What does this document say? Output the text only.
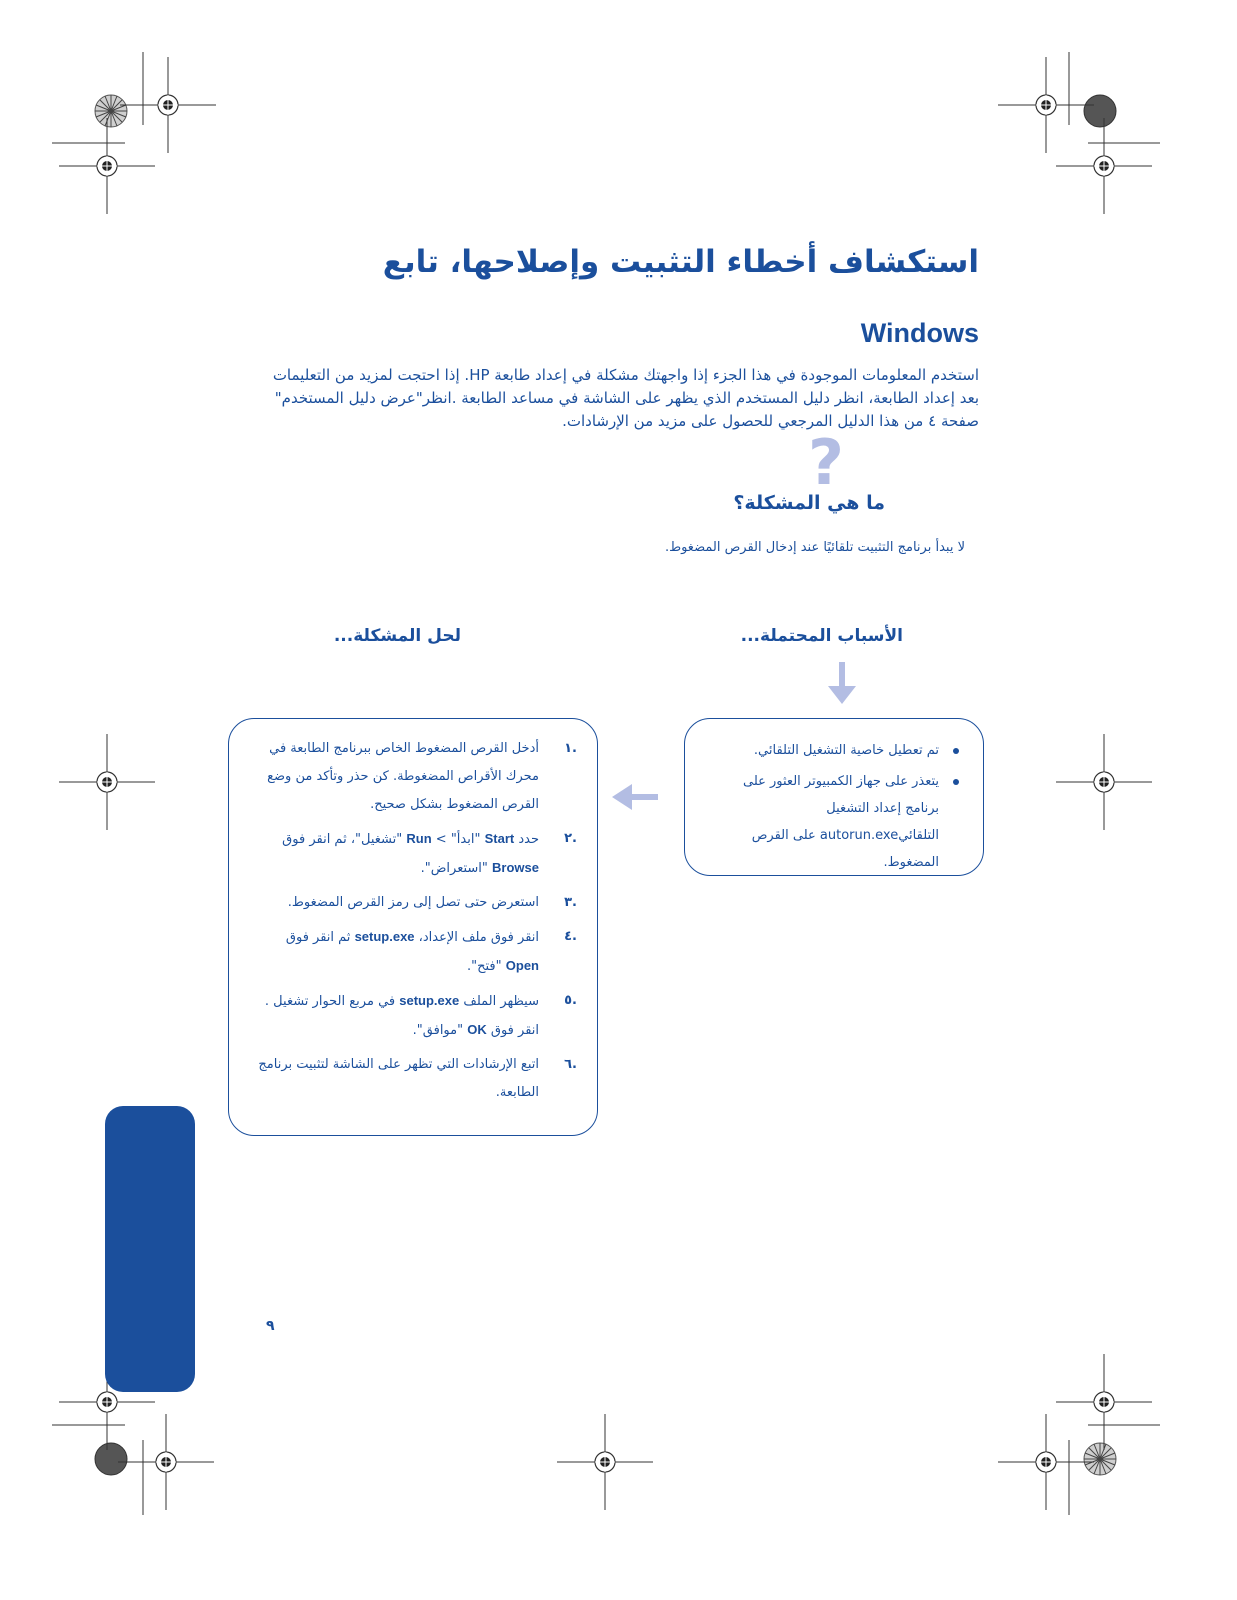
استكشاف أخطاء التثبيت وإصلاحها، تابع
Windows
استخدم المعلومات الموجودة في هذا الجزء إذا واجهتك مشكلة في إعداد طابعة HP. إذا احتجت لمزيد من التعليمات بعد إعداد الطابعة، انظر دليل المستخدم الذي يظهر على الشاشة في مساعد الطابعة .انظر"عرض دليل المستخدم" صفحة ٤ من هذا الدليل المرجعي للحصول على مزيد من الإرشادات.
?
ما هي المشكلة؟
لا يبدأ برنامج التثبيت تلقائيًا عند إدخال القرص المضغوط.
الأسباب المحتملة...
لحل المشكلة...
تم تعطيل خاصية التشغيل التلقائي.
يتعذر على جهاز الكمبيوتر العثور على برنامج إعداد التشغيل التلقائيautorun.exe على القرص المضغوط.
.١
أدخل القرص المضغوط الخاص ببرنامج الطابعة في محرك الأقراص المضغوطة. كن حذر وتأكد من وضع القرص المضغوط بشكل صحيح.
.٢
حدد Start "ابدأ" > Run "تشغيل"، ثم انقر فوق Browse "استعراض".
.٣
استعرض حتى تصل إلى رمز القرص المضغوط.
.٤
انقر فوق ملف الإعداد، setup.exe ثم انقر فوق Open "فتح".
.٥
سيظهر الملف setup.exe في مربع الحوار تشغيل . انقر فوق OK "موافق".
.٦
اتبع الإرشادات التي تظهر على الشاشة لتثبيت برنامج الطابعة.
عربي
٩
